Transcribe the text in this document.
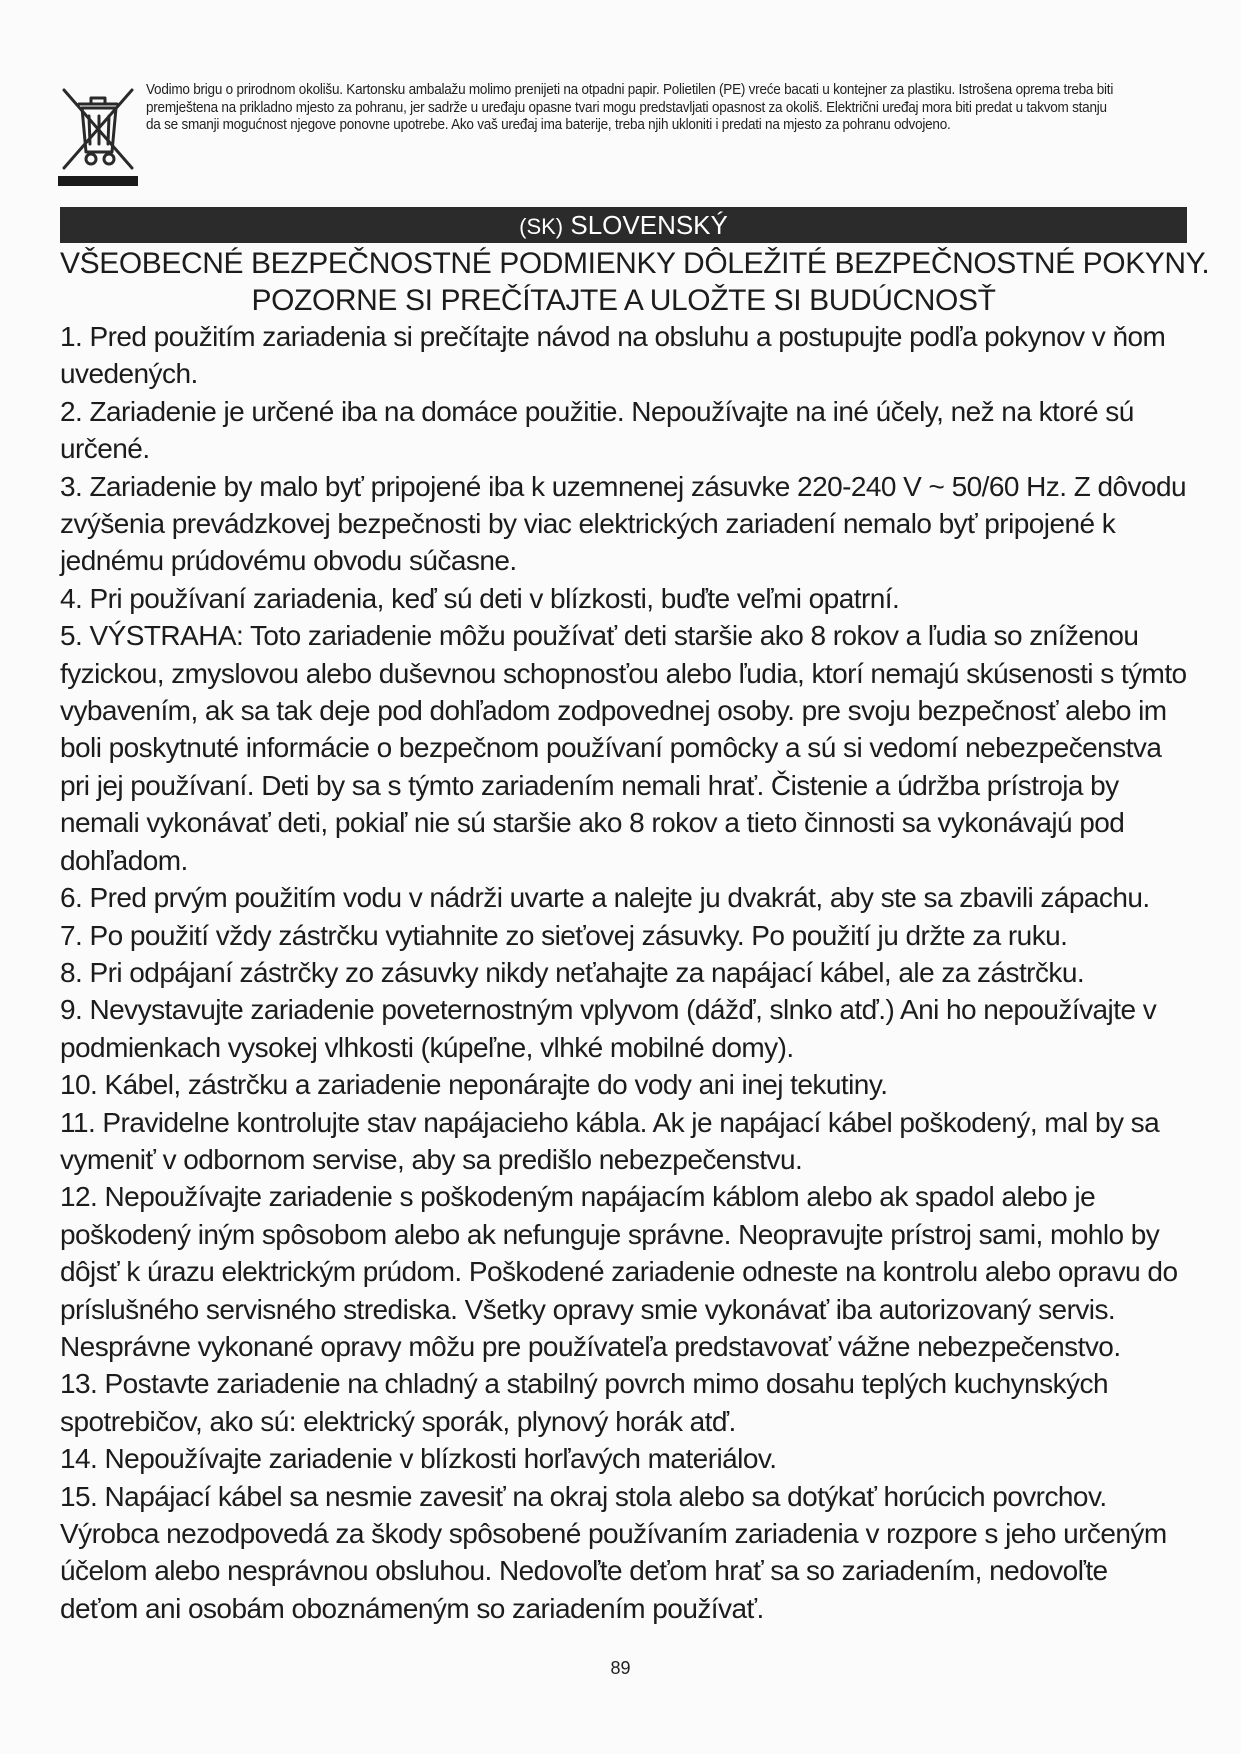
Vodimo brigu o prirodnom okolišu. Kartonsku ambalažu molimo prenijeti na otpadni papir. Polietilen (PE) vreće bacati u kontejner za plastiku. Istrošena oprema treba biti premještena na prikladno mjesto za pohranu, jer sadrže u uređaju opasne tvari mogu predstavljati opasnost za okoliš. Električni uređaj mora biti predat u takvom stanju da se smanji mogućnost njegove ponovne upotrebe. Ako vaš uređaj ima baterije, treba njih ukloniti i predati na mjesto za pohranu odvojeno.
(SK) SLOVENSKÝ
VŠEOBECNÉ BEZPEČNOSTNÉ PODMIENKY DÔLEŽITÉ BEZPEČNOSTNÉ POKYNY.
POZORNE SI PREČÍTAJTE A ULOŽTE SI BUDÚCNOSŤ

1. Pred použitím zariadenia si prečítajte návod na obsluhu a postupujte podľa pokynov v ňom uvedených.

2. Zariadenie je určené iba na domáce použitie. Nepoužívajte na iné účely, než na ktoré sú určené.

3. Zariadenie by malo byť pripojené iba k uzemnenej zásuvke 220-240 V ~ 50/60 Hz. Z dôvodu zvýšenia prevádzkovej bezpečnosti by viac elektrických zariadení nemalo byť pripojené k jednému prúdovému obvodu súčasne.

4. Pri používaní zariadenia, keď sú deti v blízkosti, buďte veľmi opatrní.

5. VÝSTRAHA: Toto zariadenie môžu používať deti staršie ako 8 rokov a ľudia so zníženou fyzickou, zmyslovou alebo duševnou schopnosťou alebo ľudia, ktorí nemajú skúsenosti s týmto vybavením, ak sa tak deje pod dohľadom zodpovednej osoby. pre svoju bezpečnosť alebo im boli poskytnuté informácie o bezpečnom používaní pomôcky a sú si vedomí nebezpečenstva pri jej používaní. Deti by sa s týmto zariadením nemali hrať. Čistenie a údržba prístroja by nemali vykonávať deti, pokiaľ nie sú staršie ako 8 rokov a tieto činnosti sa vykonávajú pod dohľadom.

6. Pred prvým použitím vodu v nádrži uvarte a nalejte ju dvakrát, aby ste sa zbavili zápachu.

7. Po použití vždy zástrčku vytiahnite zo sieťovej zásuvky. Po použití ju držte za ruku.

8. Pri odpájaní zástrčky zo zásuvky nikdy neťahajte za napájací kábel, ale za zástrčku.

9. Nevystavujte zariadenie poveternostným vplyvom (dážď, slnko atď.) Ani ho nepoužívajte v podmienkach vysokej vlhkosti (kúpeľne, vlhké mobilné domy).

10. Kábel, zástrčku a zariadenie neponárajte do vody ani inej tekutiny.

11. Pravidelne kontrolujte stav napájacieho kábla. Ak je napájací kábel poškodený, mal by sa vymeniť v odbornom servise, aby sa predišlo nebezpečenstvu.

12. Nepoužívajte zariadenie s poškodeným napájacím káblom alebo ak spadol alebo je poškodený iným spôsobom alebo ak nefunguje správne. Neopravujte prístroj sami, mohlo by dôjsť k úrazu elektrickým prúdom. Poškodené zariadenie odneste na kontrolu alebo opravu do príslušného servisného strediska. Všetky opravy smie vykonávať iba autorizovaný servis. Nesprávne vykonané opravy môžu pre používateľa predstavovať vážne nebezpečenstvo.

13. Postavte zariadenie na chladný a stabilný povrch mimo dosahu teplých kuchynských spotrebičov, ako sú: elektrický sporák, plynový horák atď.

14. Nepoužívajte zariadenie v blízkosti horľavých materiálov.

15. Napájací kábel sa nesmie zavesiť na okraj stola alebo sa dotýkať horúcich povrchov. Výrobca nezodpovedá za škody spôsobené používaním zariadenia v rozpore s jeho určeným účelom alebo nesprávnou obsluhou. Nedovoľte deťom hrať sa so zariadením, nedovoľte deťom ani osobám oboznámeným so zariadením používať.

89
